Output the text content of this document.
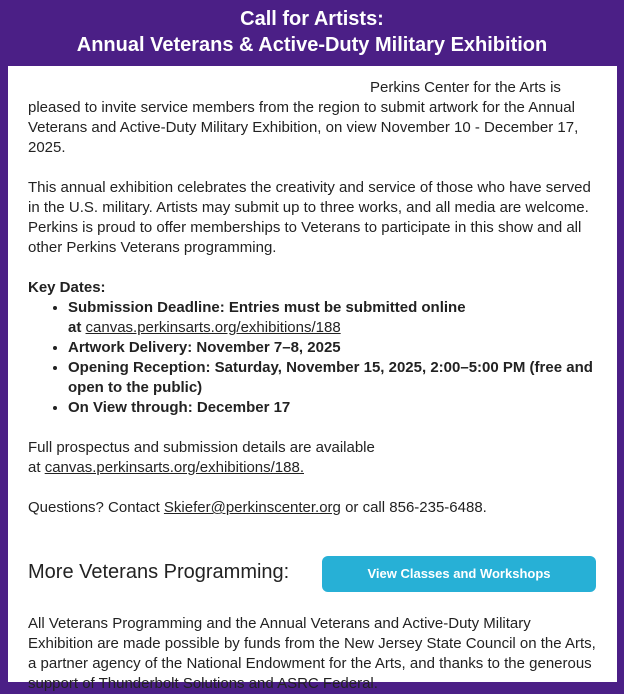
Call for Artists:
Annual Veterans & Active-Duty Military Exhibition

Perkins Center for the Arts is pleased to invite service members from the region to submit artwork for the Annual Veterans and Active-Duty Military Exhibition, on view November 10 - December 17, 2025.

This annual exhibition celebrates the creativity and service of those who have served in the U.S. military. Artists may submit up to three works, and all media are welcome. Perkins is proud to offer memberships to Veterans to participate in this show and all other Perkins Veterans programming.

Key Dates:
• Submission Deadline: Entries must be submitted online
at canvas.perkinsarts.org/exhibitions/188
• Artwork Delivery: November 7–8, 2025
• Opening Reception: Saturday, November 15, 2025, 2:00–5:00 PM (free and open to the public)
• On View through: December 17

Full prospectus and submission details are available
at canvas.perkinsarts.org/exhibitions/188.

Questions? Contact Skiefer@perkinscenter.org or call 856-235-6488.

More Veterans Programming:	View Classes and Workshops

All Veterans Programming and the Annual Veterans and Active-Duty Military Exhibition are made possible by funds from the New Jersey State Council on the Arts, a partner agency of the National Endowment for the Arts, and thanks to the generous support of Thunderbolt Solutions and ASRC Federal.
